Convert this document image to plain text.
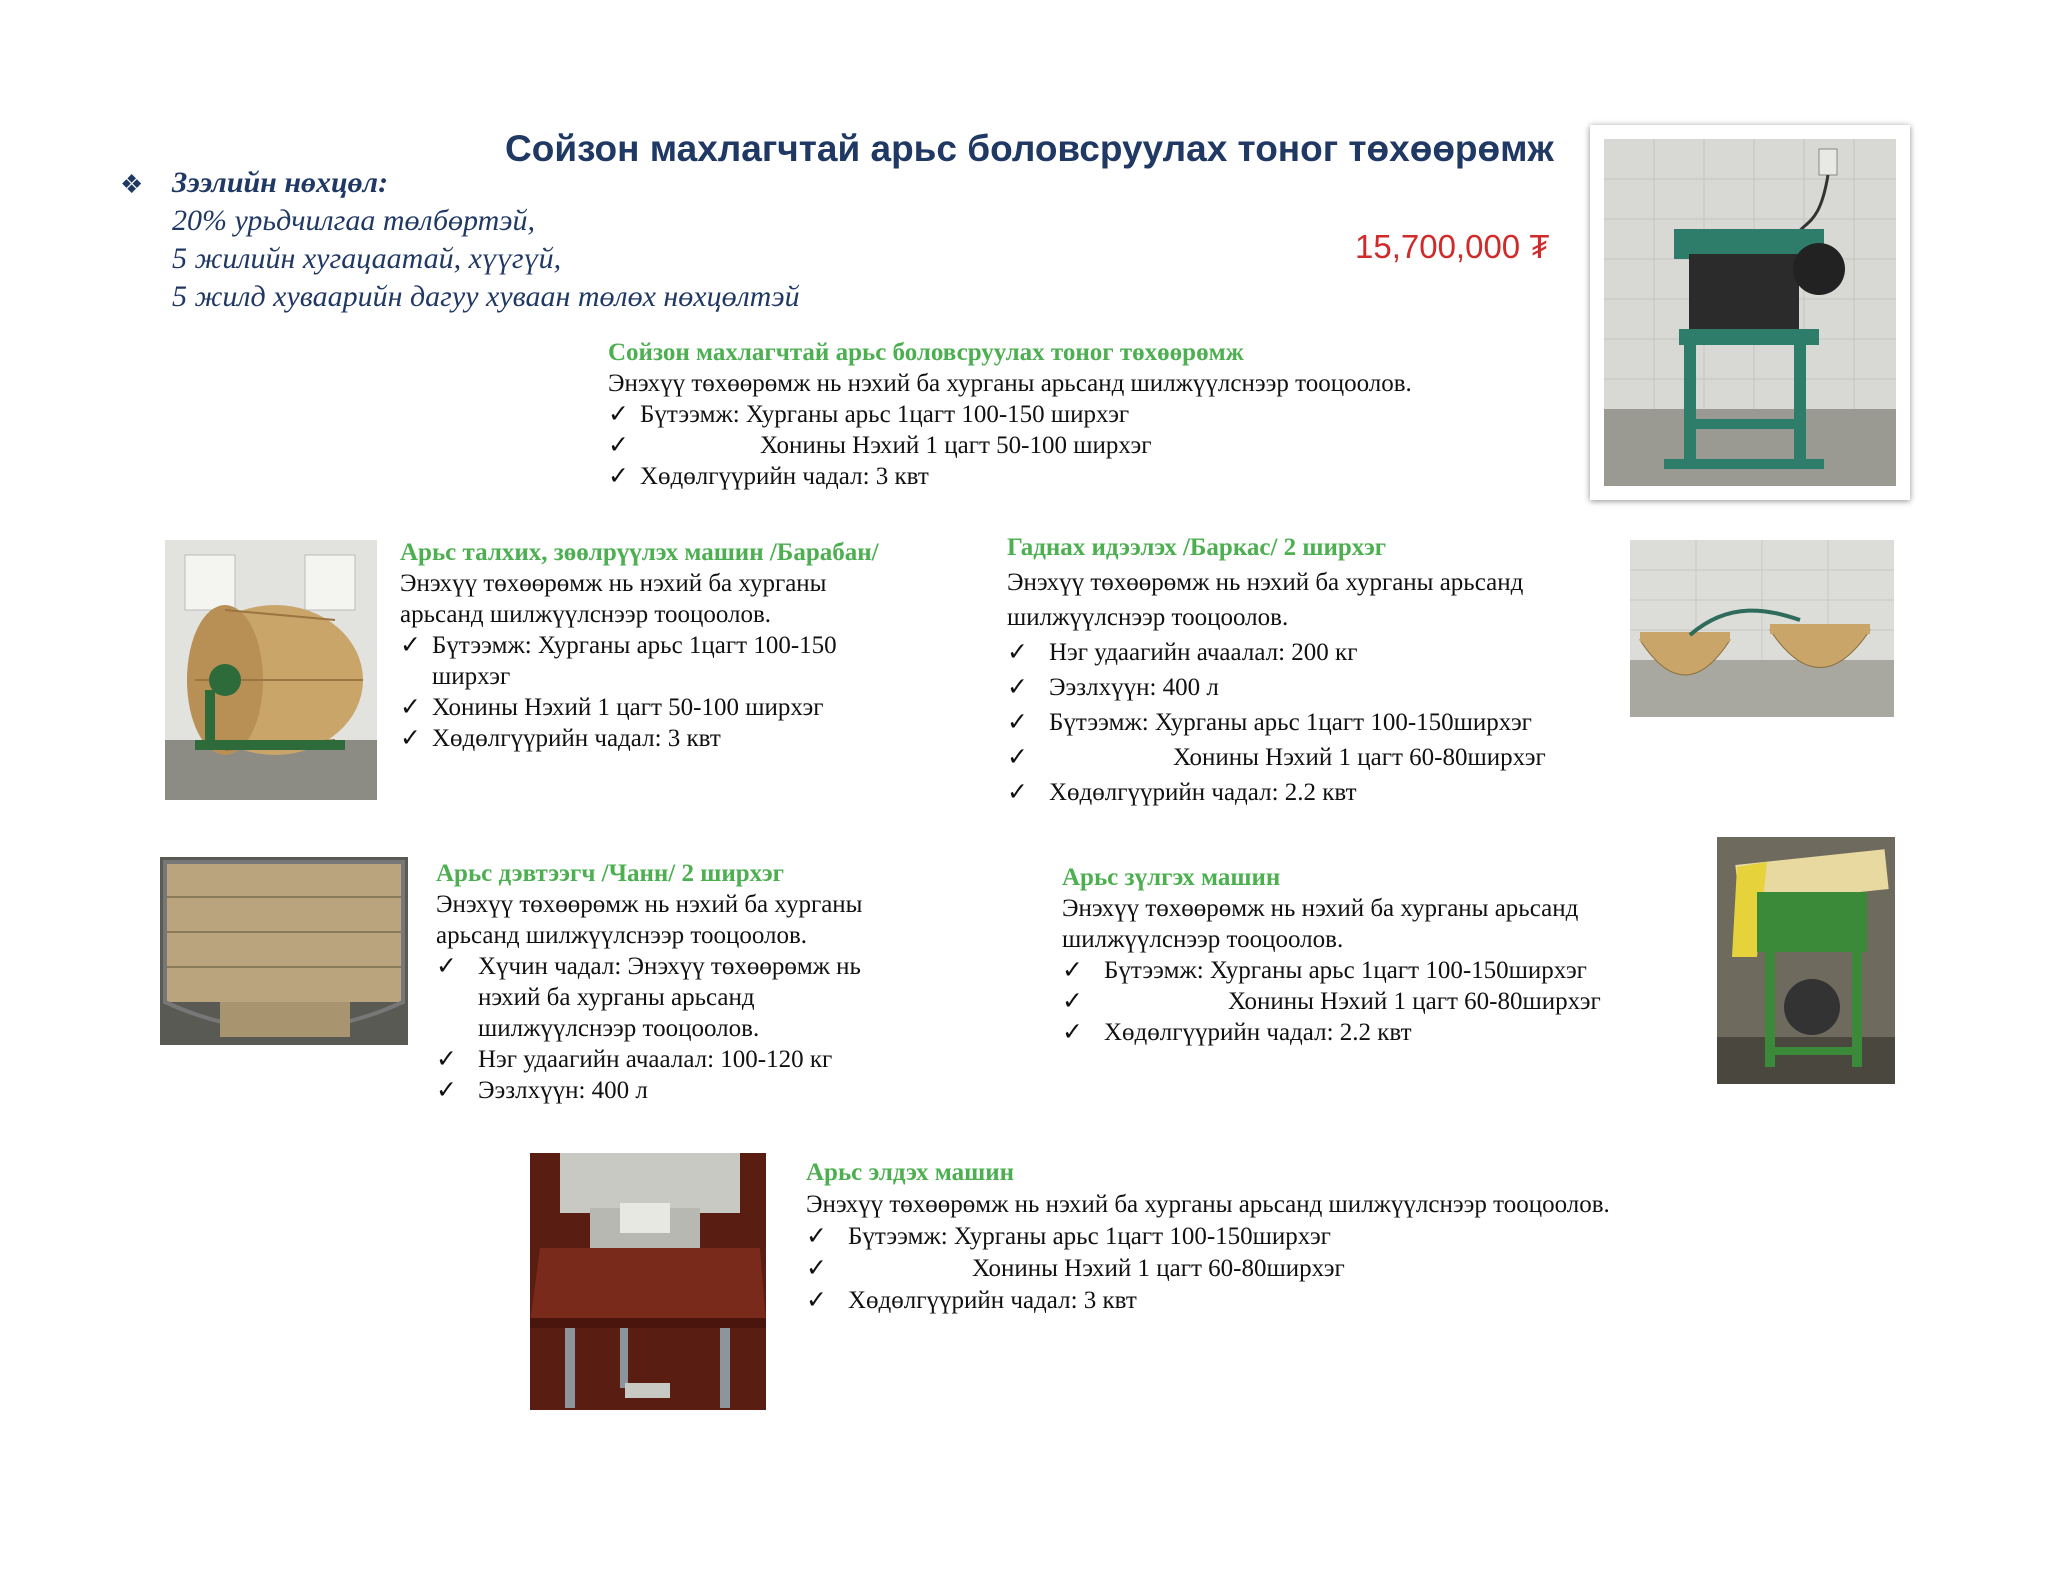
Сойзон махлагчтай арьс боловсруулах тоног төхөөрөмж
❖ Зээлийн нөхцөл:
20% урьдчилгаа төлбөртэй,
5 жилийн хугацаатай, хүүгүй,
5 жилд хуваарийн дагуу хуваан төлөх нөхцөлтэй
15,700,000 ₮
Сойзон махлагчтай арьс боловсруулах тоног төхөөрөмж
Энэхүү төхөөрөмж нь нэхий ба хурганы арьсанд шилжүүлснээр тооцоолов.
✓ Бүтээмж: Хурганы арьс 1цагт 100-150 ширхэг
✓	Хонины Нэхий 1 цагт 50-100 ширхэг
✓ Хөдөлгүүрийн чадал: 3 квт
Арьс талхих, зөөлрүүлэх машин /Барабан/
Энэхүү төхөөрөмж нь нэхий ба хурганы
арьсанд шилжүүлснээр тооцоолов.
✓ Бүтээмж: Хурганы арьс 1цагт 100-150
ширхэг
✓ Хонины Нэхий 1 цагт 50-100 ширхэг
✓ Хөдөлгүүрийн чадал: 3 квт
Гаднах идээлэх /Баркас/ 2 ширхэг
Энэхүү төхөөрөмж нь нэхий ба хурганы арьсанд
шилжүүлснээр тооцоолов.
✓ Нэг удаагийн ачаалал: 200 кг
✓ Ээзлхүүн: 400 л
✓ Бүтээмж: Хурганы арьс 1цагт 100-150ширхэг
✓	Хонины Нэхий 1 цагт 60-80ширхэг
✓ Хөдөлгүүрийн чадал: 2.2 квт
Арьс дэвтээгч /Чанн/ 2 ширхэг
Энэхүү төхөөрөмж нь нэхий ба хурганы
арьсанд шилжүүлснээр тооцоолов.
✓ Хүчин чадал: Энэхүү төхөөрөмж нь
нэхий ба хурганы арьсанд
шилжүүлснээр тооцоолов.
✓ Нэг удаагийн ачаалал: 100-120 кг
✓ Ээзлхүүн: 400 л
Арьс зүлгэх машин
Энэхүү төхөөрөмж нь нэхий ба хурганы арьсанд
шилжүүлснээр тооцоолов.
✓ Бүтээмж: Хурганы арьс 1цагт 100-150ширхэг
✓	Хонины Нэхий 1 цагт 60-80ширхэг
✓ Хөдөлгүүрийн чадал: 2.2 квт
Арьс элдэх машин
Энэхүү төхөөрөмж нь нэхий ба хурганы арьсанд шилжүүлснээр тооцоолов.
✓ Бүтээмж: Хурганы арьс 1цагт 100-150ширхэг
✓	Хонины Нэхий 1 цагт 60-80ширхэг
✓ Хөдөлгүүрийн чадал: 3 квт
